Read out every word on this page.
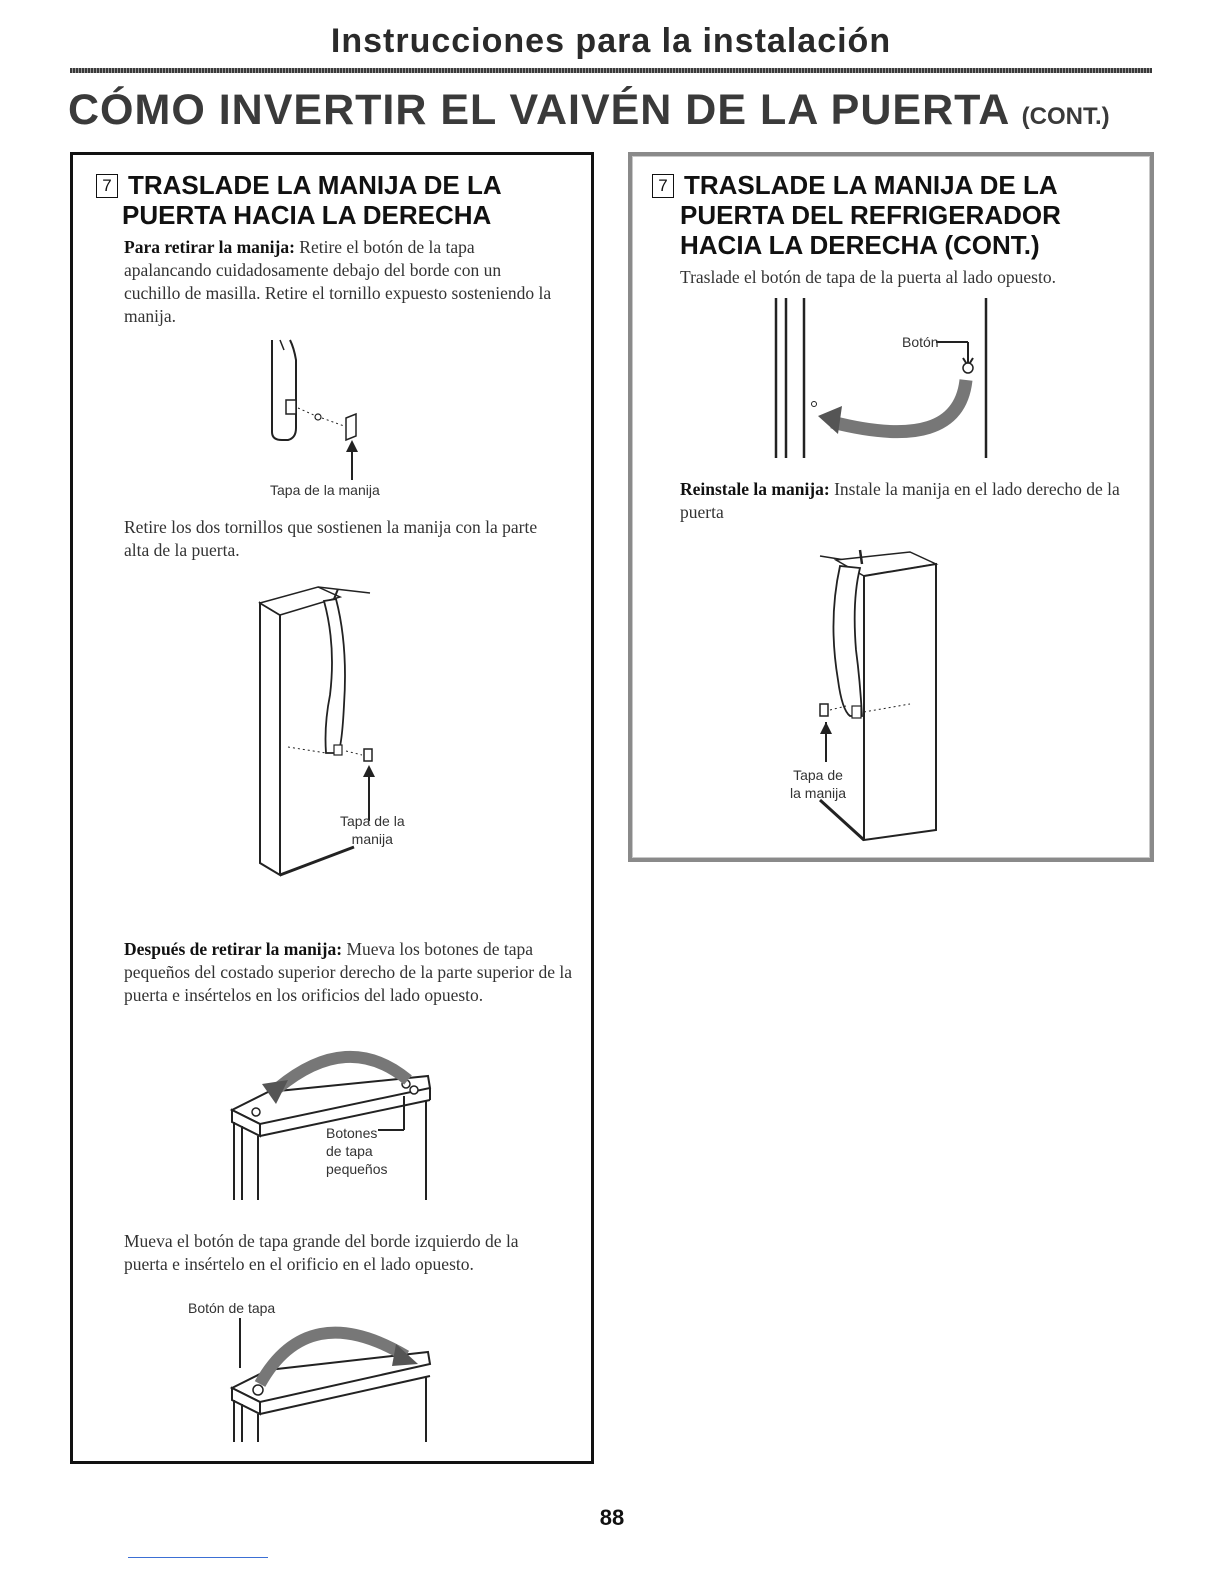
Instrucciones para la instalación
CÓMO INVERTIR EL VAIVÉN DE LA PUERTA (CONT.)
7 TRASLADE LA MANIJA DE LA
PUERTA HACIA LA DERECHA
Para retirar la manija: Retire el botón de la tapa apalancando cuidadosamente debajo del borde con un cuchillo de masilla. Retire el tornillo expuesto sosteniendo la manija.
Tapa de la manija
Retire los dos tornillos que sostienen la manija con la parte alta de la puerta.
Tapa de la
manija
Después de retirar la manija: Mueva los botones de tapa pequeños del costado superior derecho de la parte superior de la puerta e insértelos en los orificios del lado opuesto.
Botones
de tapa
pequeños
Mueva el botón de tapa grande del borde izquierdo de la puerta e insértelo en el orificio en el lado opuesto.
Botón de tapa
7 TRASLADE LA MANIJA DE LA
PUERTA DEL REFRIGERADOR
HACIA LA DERECHA (CONT.)
Traslade el botón de tapa de la puerta al lado opuesto.
Botón
Reinstale la manija: Instale la manija en el lado derecho de la puerta
Tapa de
la manija
88
